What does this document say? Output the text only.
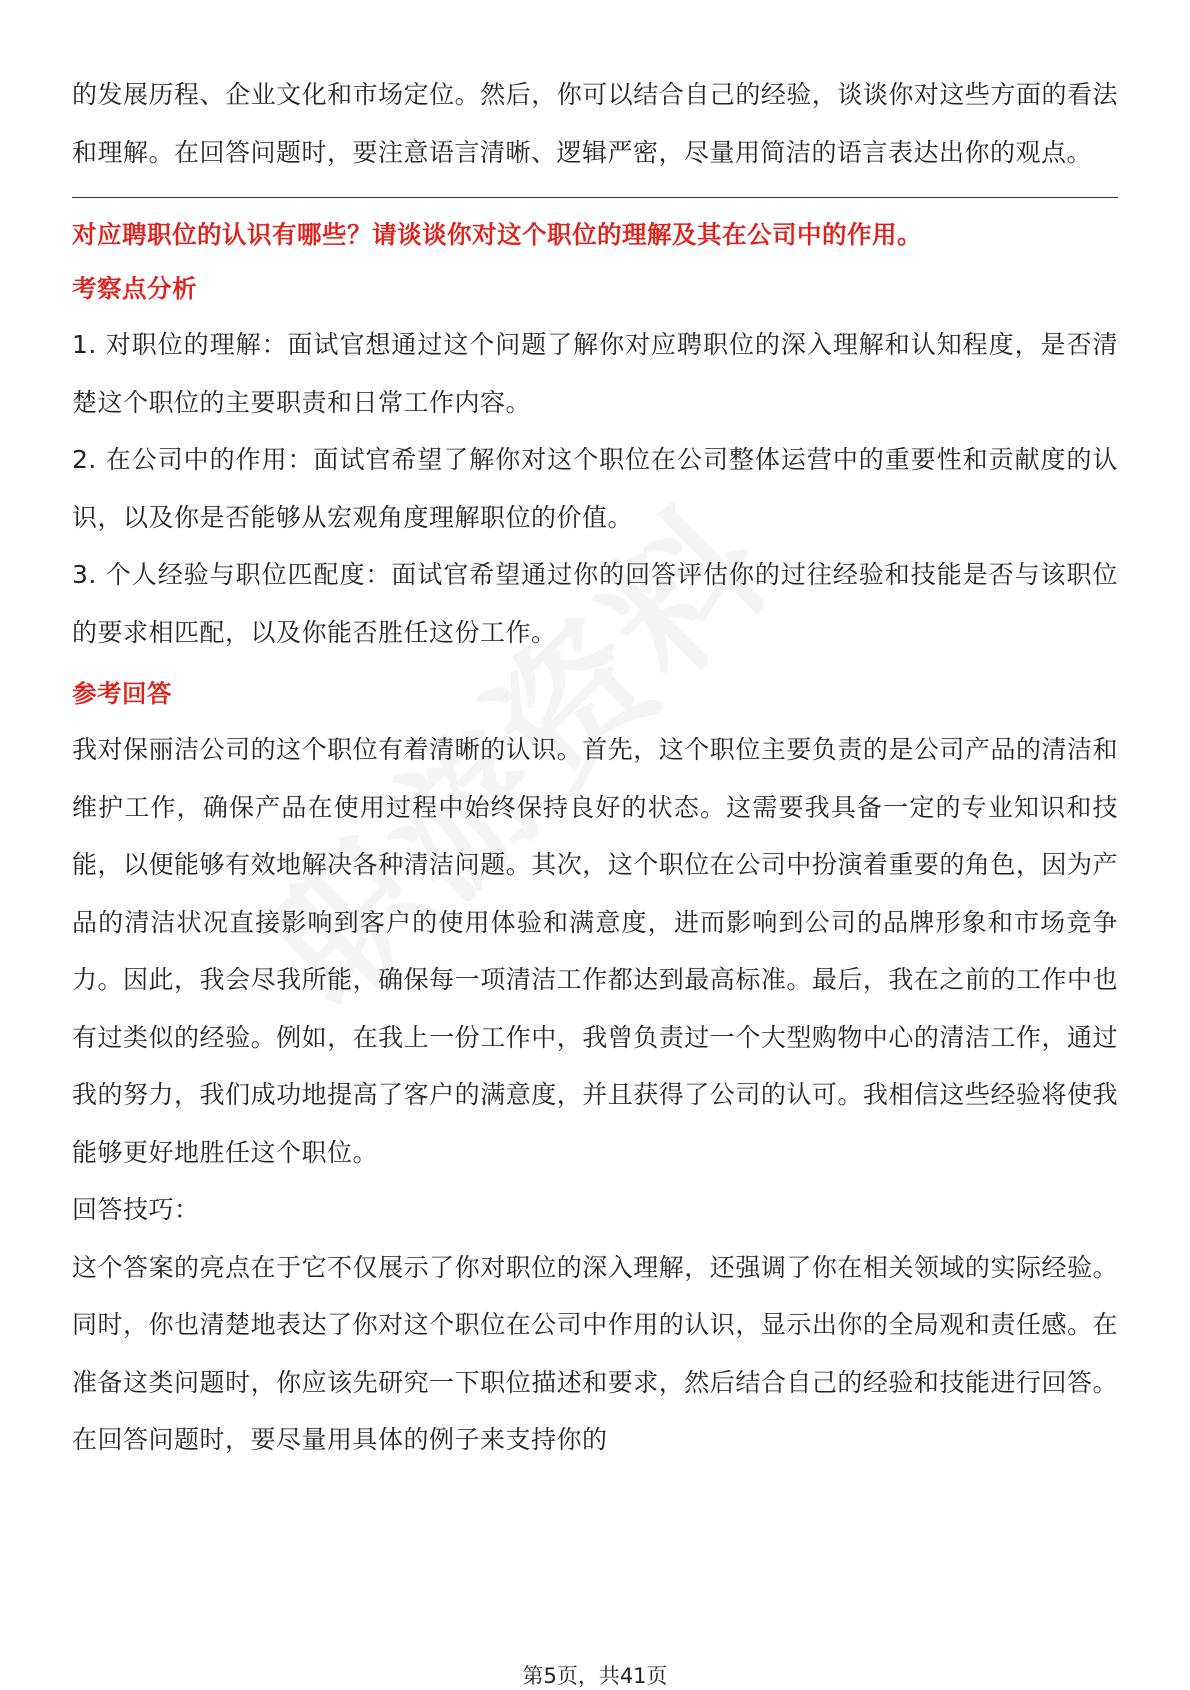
的发展历程、企业文化和市场定位。然后，你可以结合自己的经验，谈谈你对这些方面的看法和理解。在回答问题时，要注意语言清晰、逻辑严密，尽量用简洁的语言表达出你的观点。

对应聘职位的认识有哪些？请谈谈你对这个职位的理解及其在公司中的作用。

考察点分析

1. 对职位的理解：面试官想通过这个问题了解你对应聘职位的深入理解和认知程度，是否清楚这个职位的主要职责和日常工作内容。

2. 在公司中的作用：面试官希望了解你对这个职位在公司整体运营中的重要性和贡献度的认识，以及你是否能够从宏观角度理解职位的价值。

3. 个人经验与职位匹配度：面试官希望通过你的回答评估你的过往经验和技能是否与该职位的要求相匹配，以及你能否胜任这份工作。

参考回答

我对保丽洁公司的这个职位有着清晰的认识。首先，这个职位主要负责的是公司产品的清洁和维护工作，确保产品在使用过程中始终保持良好的状态。这需要我具备一定的专业知识和技能，以便能够有效地解决各种清洁问题。其次，这个职位在公司中扮演着重要的角色，因为产品的清洁状况直接影响到客户的使用体验和满意度，进而影响到公司的品牌形象和市场竞争力。因此，我会尽我所能，确保每一项清洁工作都达到最高标准。最后，我在之前的工作中也有过类似的经验。例如，在我上一份工作中，我曾负责过一个大型购物中心的清洁工作，通过我的努力，我们成功地提高了客户的满意度，并且获得了公司的认可。我相信这些经验将使我能够更好地胜任这个职位。

回答技巧：

这个答案的亮点在于它不仅展示了你对职位的深入理解，还强调了你在相关领域的实际经验。同时，你也清楚地表达了你对这个职位在公司中作用的认识，显示出你的全局观和责任感。在准备这类问题时，你应该先研究一下职位描述和要求，然后结合自己的经验和技能进行回答。在回答问题时，要尽量用具体的例子来支持你的

第5页，共41页
